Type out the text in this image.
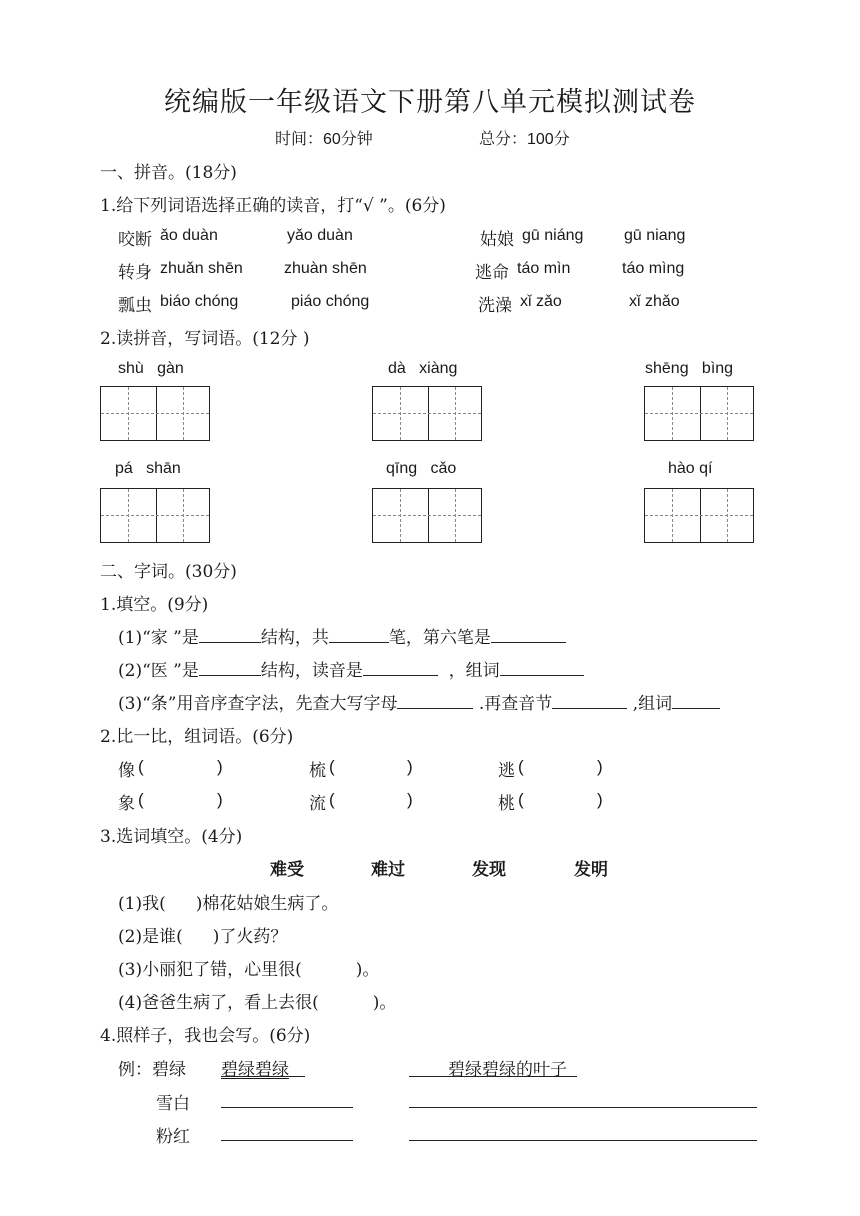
统编版一年级语文下册第八单元模拟测试卷
时间：60分钟	总分：100分
一、拼音。(18分)
1.给下列词语选择正确的读音，打“√ ”。(6分)
咬断 ǎo duàn	yǎo duàn	姑娘 gū niáng	gū niang
转身 zhuǎn shēn	zhuàn shēn	逃命 táo mìn	táo mìng
瓢虫 biáo chóng	piáo chóng	洗澡 xǐ zǎo	xǐ zhǎo
2.读拼音，写词语。(12分 )
shù   gàn	dà   xiàng	shēng   bìng
pá   shān	qīng   cǎo	hào qí
二、字词。(30分)
1.填空。(9分)
(1)“家 ”是	结构，共	笔，第六笔是
(2)“医 ”是	结构，读音是	，组词
(3)“条”用音序查字法，先查大写字母	.再查音节	,组词
2.比一比，组词语。(6分)
像 (	)	梳 (	)	逃 (	)
象 (	)	流 (	)	桃 (	)
3.选词填空。(4分)
难受	难过	发现	发明
(1)我( )棉花姑娘生病了。
(2)是谁( )了火药？
(3)小丽犯了错，心里很(	)。
(4)爸爸生病了，看上去很(	)。
4.照样子，我也会写。(6分)
例：碧绿 碧绿碧绿	碧绿碧绿的叶子
雪白
粉红
